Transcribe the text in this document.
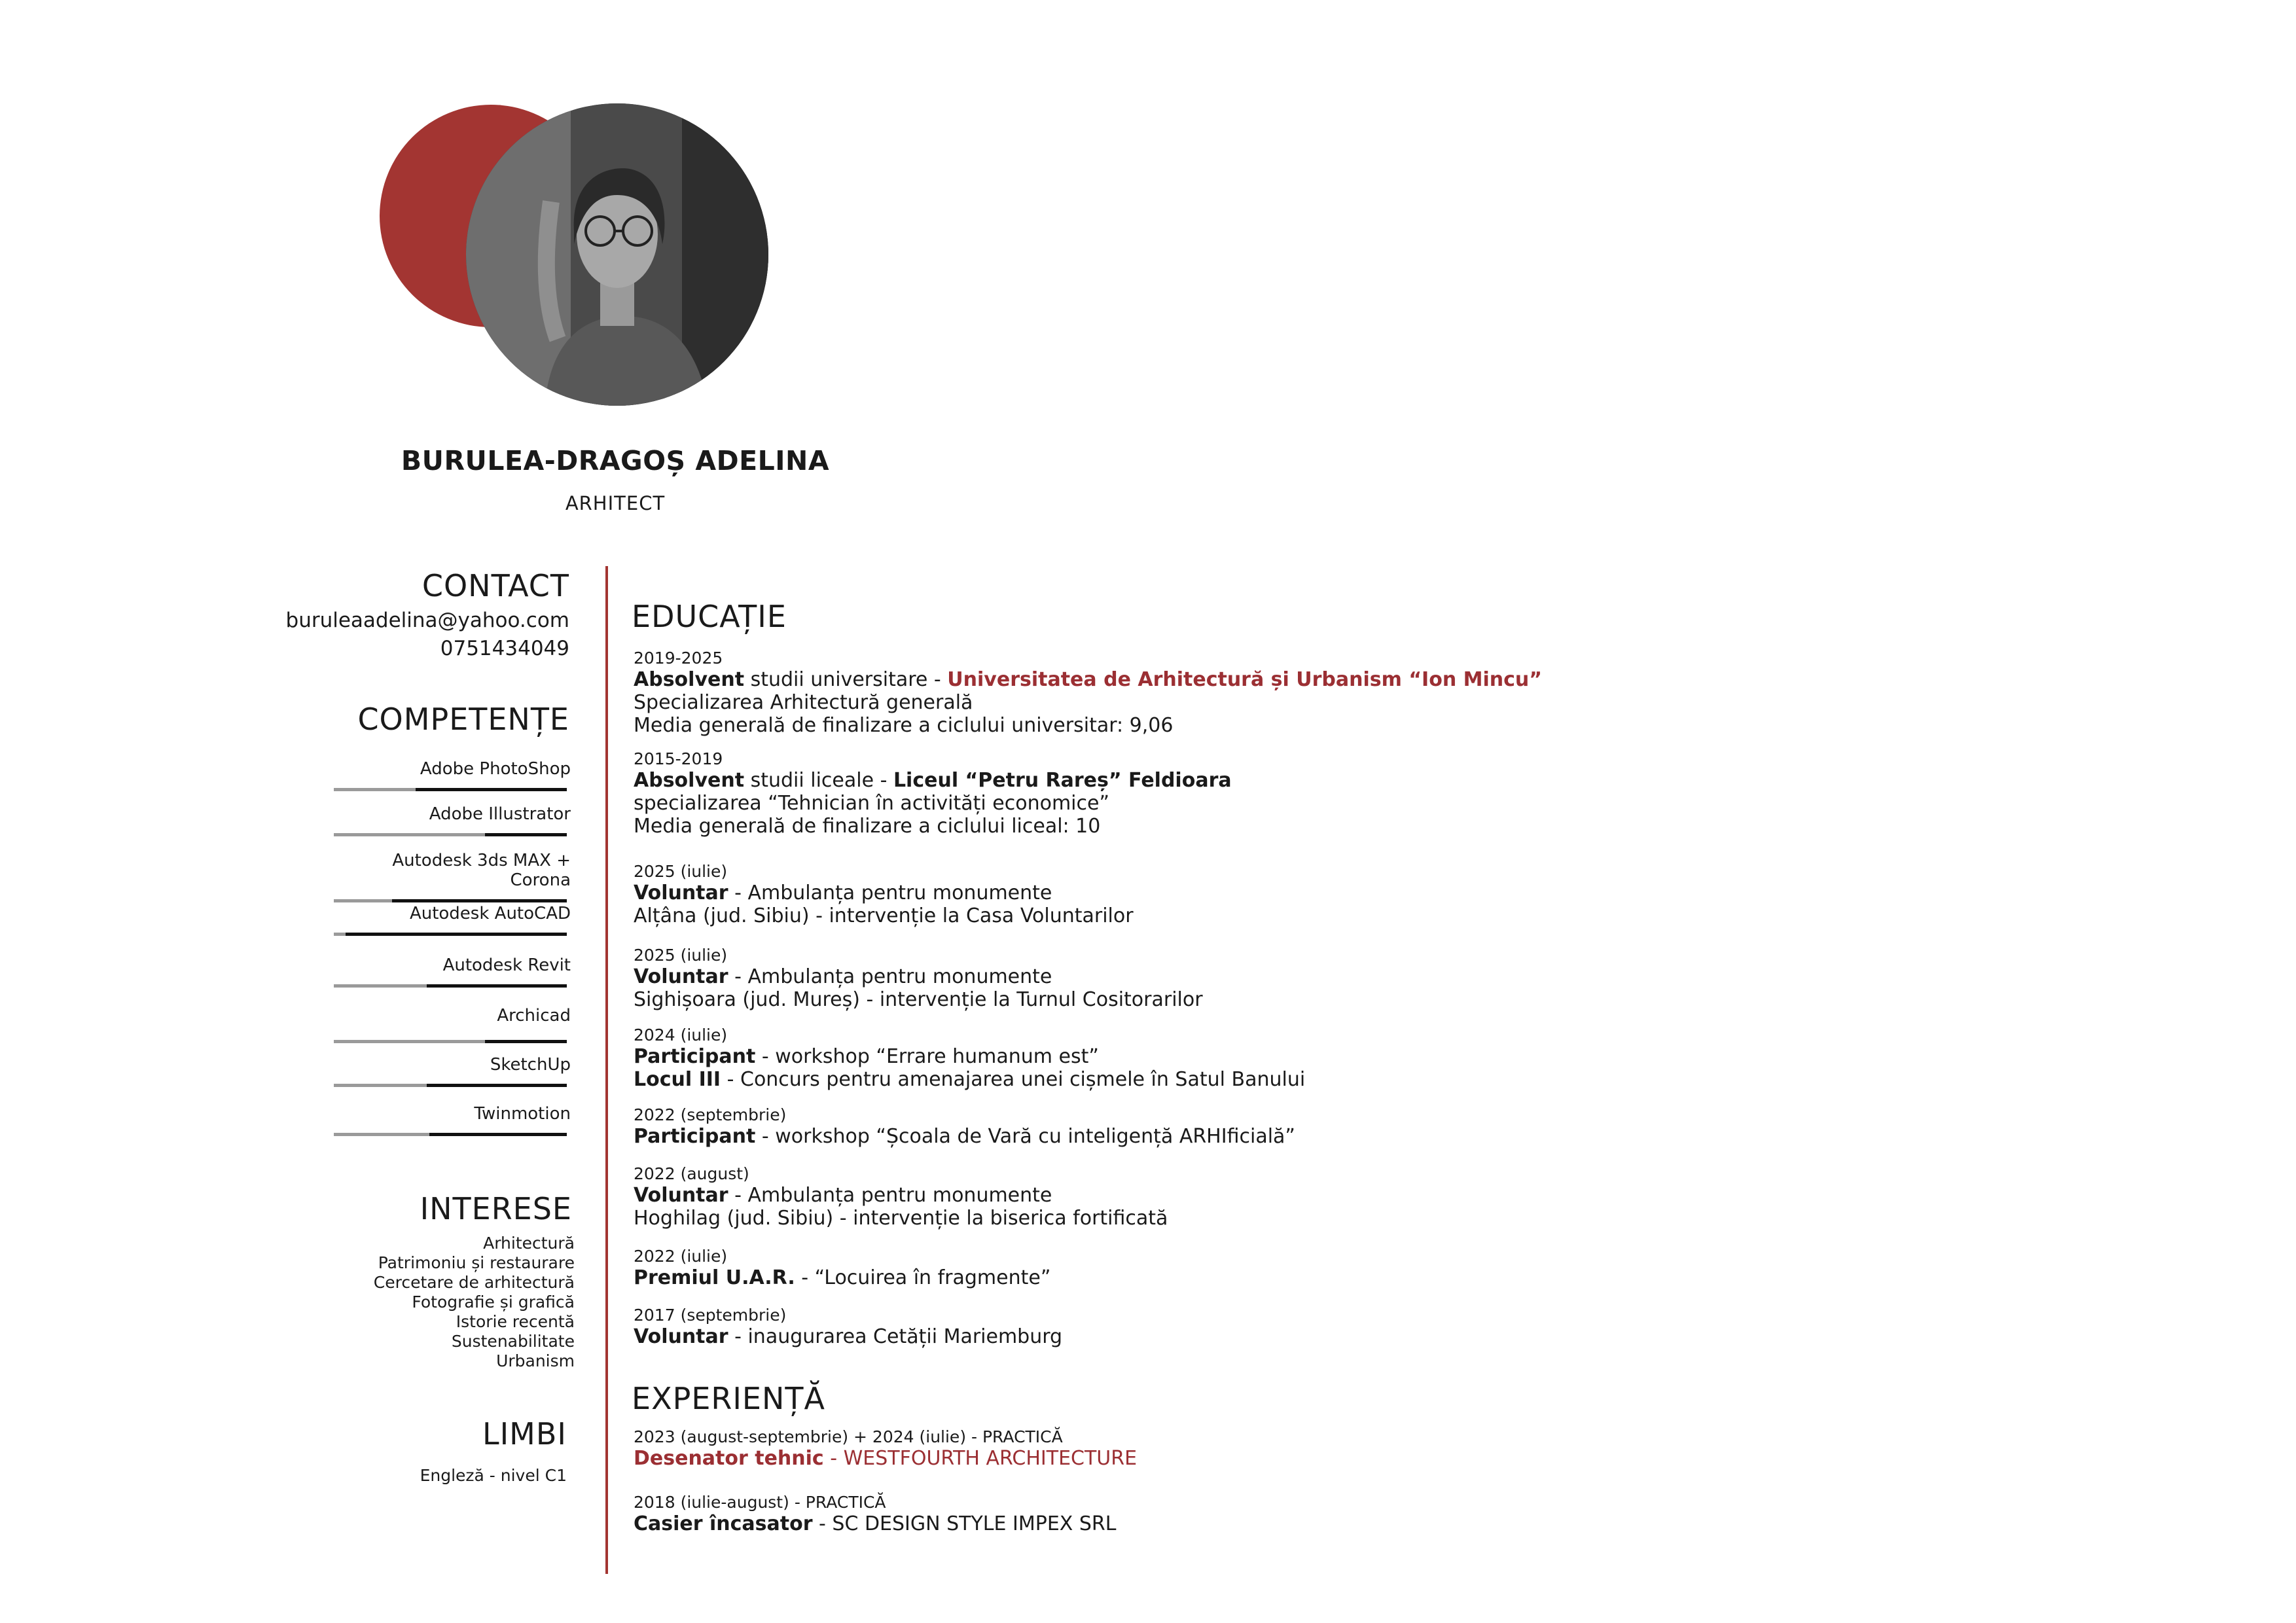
BURULEA-DRAGOȘ ADELINA
ARHITECT
CONTACT
buruleaadelina@yahoo.com
0751434049
COMPETENȚE
Adobe PhotoShop
Adobe Illustrator
Autodesk 3ds MAX + Corona
Autodesk AutoCAD
Autodesk Revit
Archicad
SketchUp
Twinmotion
INTERESE
Arhitectură
Patrimoniu și restaurare
Cercetare de arhitectură
Fotografie și grafică
Istorie recentă
Sustenabilitate
Urbanism
LIMBI
Engleză - nivel C1
EDUCAȚIE
2019-2025
Absolvent studii universitare - Universitatea de Arhitectură și Urbanism “Ion Mincu”
Specializarea Arhitectură generală
Media generală de finalizare a ciclului universitar: 9,06
2015-2019
Absolvent studii liceale - Liceul “Petru Rareș” Feldioara
specializarea “Tehnician în activități economice”
Media generală de finalizare a ciclului liceal: 10
2025 (iulie)
Voluntar - Ambulanța pentru monumente
Alțâna (jud. Sibiu) - intervenție la Casa Voluntarilor
2025 (iulie)
Voluntar - Ambulanța pentru monumente
Sighișoara (jud. Mureș) - intervenție la Turnul Cositorarilor
2024 (iulie)
Participant - workshop “Errare humanum est”
Locul III - Concurs pentru amenajarea unei cișmele în Satul Banului
2022 (septembrie)
Participant - workshop “Școala de Vară cu inteligență ARHIficială”
2022 (august)
Voluntar - Ambulanța pentru monumente
Hoghilag (jud. Sibiu) - intervenție la biserica fortificată
2022 (iulie)
Premiul U.A.R. - “Locuirea în fragmente”
2017 (septembrie)
Voluntar - inaugurarea Cetății Mariemburg
EXPERIENȚĂ
2023 (august-septembrie) + 2024 (iulie) - PRACTICĂ
Desenator tehnic - WESTFOURTH ARCHITECTURE
2018 (iulie-august) - PRACTICĂ
Casier încasator - SC DESIGN STYLE IMPEX SRL
